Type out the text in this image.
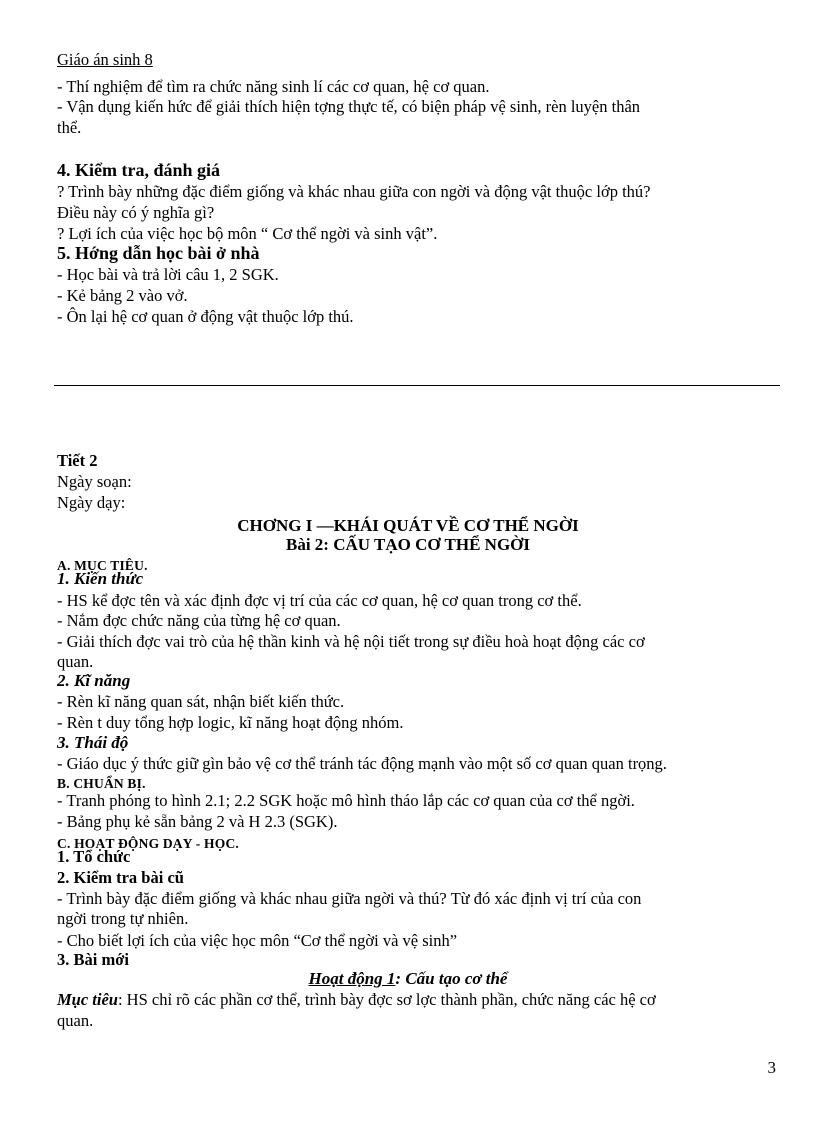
Giáo án sinh 8
- Thí nghiệm để tìm ra chức năng sinh lí các cơ quan, hệ cơ quan.
- Vận dụng kiến hức để giải thích hiện tợng thực tế, có biện pháp vệ sinh, rèn luyện thân
thể.
4. Kiểm tra, đánh giá
? Trình bày những đặc điểm giống và khác nhau giữa con ngời và động vật thuộc lớp thú?
Điều này có ý nghĩa gì?
? Lợi ích của việc học bộ môn “ Cơ thể ngời và sinh vật”.
5. Hớng dẫn học bài ở nhà
- Học bài và trả lời câu 1, 2 SGK.
- Kẻ bảng 2 vào vở.
- Ôn lại hệ cơ quan ở động vật thuộc lớp thú.
Tiết 2
Ngày soạn:
Ngày dạy:
CHƠNG I —KHÁI QUÁT VỀ CƠ THỂ NGỜI
Bài 2: CẤU TẠO CƠ THỂ NGỜI
A. MỤC TIÊU.
1. Kiến thức
- HS kể đợc tên và xác định đợc vị trí của các cơ quan, hệ cơ quan trong cơ thể.
- Nắm đợc chức năng của từng hệ cơ quan.
- Giải thích đợc vai trò của hệ thần kinh và hệ nội tiết trong sự điều hoà hoạt động các cơ
quan.
2. Kĩ năng
- Rèn kĩ năng quan sát, nhận biết kiến thức.
- Rèn t duy tổng hợp logic, kĩ năng hoạt động nhóm.
3. Thái độ
- Giáo dục ý thức giữ gìn bảo vệ cơ thể tránh tác động mạnh vào một số cơ quan quan trọng.
B. CHUẨN BỊ.
- Tranh phóng to hình 2.1; 2.2 SGK hoặc mô hình tháo lắp các cơ quan của cơ thể ngời.
- Bảng phụ kẻ sẵn bảng 2 và H 2.3 (SGK).
C. HOẠT ĐỘNG DẠY - HỌC.
1. Tổ chức
2. Kiểm tra bài cũ
- Trình bày đặc điểm giống và khác nhau giữa ngời và thú? Từ đó xác định vị trí của con
ngời trong tự nhiên.
- Cho biết lợi ích của việc học môn “Cơ thể ngời và vệ sinh”
3. Bài mới
Hoạt động 1: Cấu tạo cơ thể
Mục tiêu: HS chỉ rõ các phần cơ thể, trình bày đợc sơ lợc thành phần, chức năng các hệ cơ
quan.
3
